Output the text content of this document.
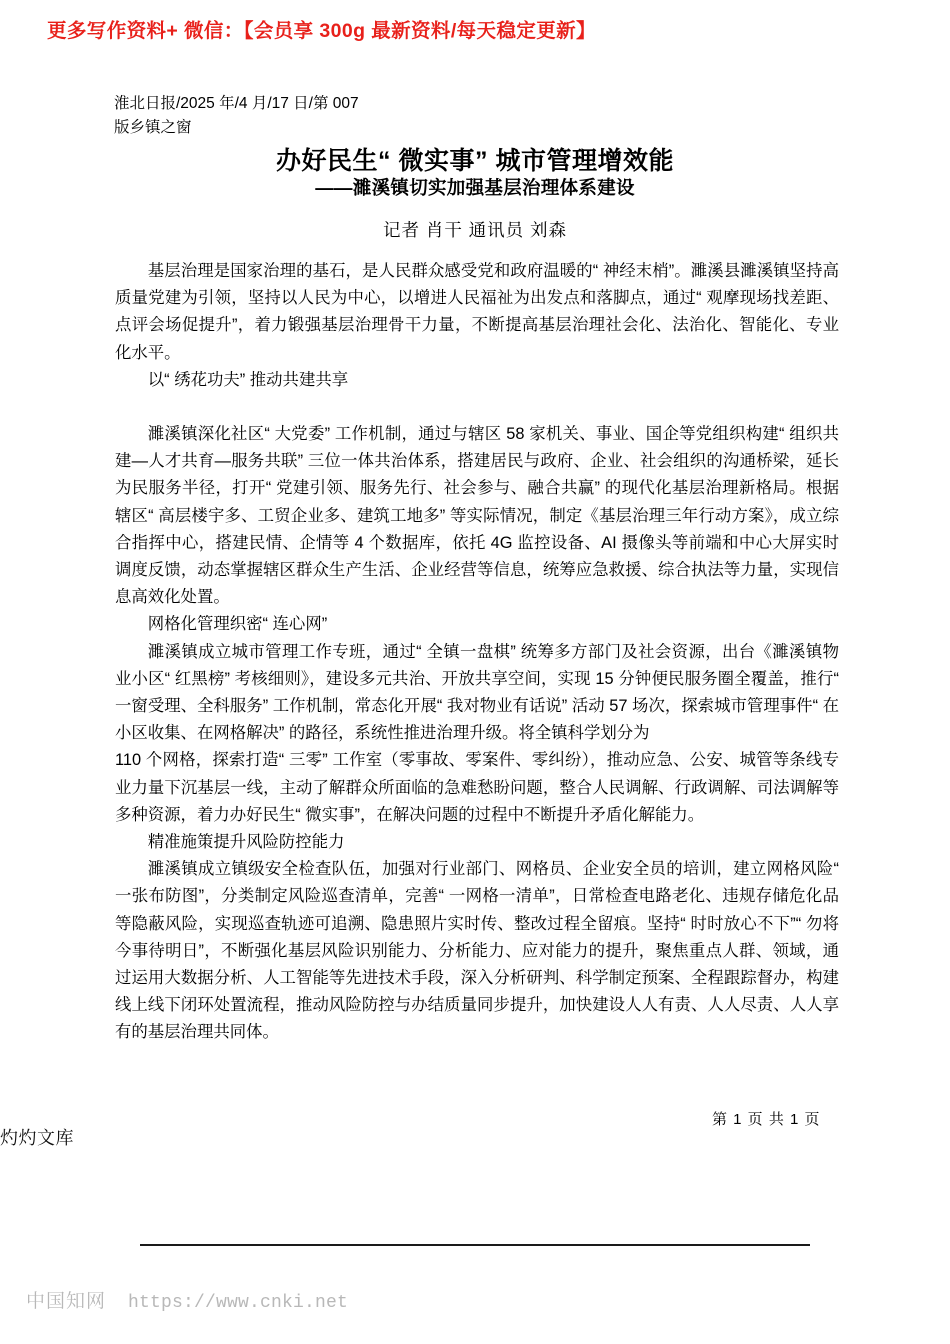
更多写作资料+ 微信：【会员享 300g 最新资料/每天稳定更新】
淮北日报/2025 年/4 月/17 日/第 007
版乡镇之窗
办好民生“ 微实事” 城市管理增效能
——濉溪镇切实加强基层治理体系建设
记者 肖干 通讯员 刘森

基层治理是国家治理的基石，是人民群众感受党和政府温暖的“ 神经末梢”。濉溪县濉溪镇坚持高质量党建为引领，坚持以人民为中心，以增进人民福祉为出发点和落脚点，通过“ 观摩现场找差距、点评会场促提升”，着力锻强基层治理骨干力量，不断提高基层治理社会化、法治化、智能化、专业化水平。

以“ 绣花功夫” 推动共建共享

濉溪镇深化社区“ 大党委” 工作机制，通过与辖区 58 家机关、事业、国企等党组织构建“ 组织共建—人才共育—服务共联” 三位一体共治体系，搭建居民与政府、企业、社会组织的沟通桥梁，延长为民服务半径，打开“ 党建引领、服务先行、社会参与、融合共赢” 的现代化基层治理新格局。根据辖区“ 高层楼宇多、工贸企业多、建筑工地多” 等实际情况，制定《基层治理三年行动方案》，成立综合指挥中心，搭建民情、企情等 4 个数据库，依托 4G 监控设备、AI 摄像头等前端和中心大屏实时调度反馈，动态掌握辖区群众生产生活、企业经营等信息，统筹应急救援、综合执法等力量，实现信息高效化处置。

网格化管理织密“ 连心网”

濉溪镇成立城市管理工作专班，通过“ 全镇一盘棋” 统筹多方部门及社会资源，出台《濉溪镇物业小区“ 红黑榜” 考核细则》，建设多元共治、开放共享空间，实现 15 分钟便民服务圈全覆盖，推行“ 一窗受理、全科服务” 工作机制，常态化开展“ 我对物业有话说” 活动 57 场次，探索城市管理事件“ 在小区收集、在网格解决” 的路径，系统性推进治理升级。将全镇科学划分为

110 个网格，探索打造“ 三零” 工作室（零事故、零案件、零纠纷），推动应急、公安、城管等条线专业力量下沉基层一线，主动了解群众所面临的急难愁盼问题，整合人民调解、行政调解、司法调解等多种资源，着力办好民生“ 微实事”，在解决问题的过程中不断提升矛盾化解能力。

精准施策提升风险防控能力

濉溪镇成立镇级安全检查队伍，加强对行业部门、网格员、企业安全员的培训，建立网格风险“ 一张布防图”，分类制定风险巡查清单，完善“ 一网格一清单”，日常检查电路老化、违规存储危化品等隐蔽风险，实现巡查轨迹可追溯、隐患照片实时传、整改过程全留痕。坚持“ 时时放心不下”“ 勿将今事待明日”，不断强化基层风险识别能力、分析能力、应对能力的提升，聚焦重点人群、领域，通过运用大数据分析、人工智能等先进技术手段，深入分析研判、科学制定预案、全程跟踪督办，构建线上线下闭环处置流程，推动风险防控与办结质量同步提升，加快建设人人有责、人人尽责、人人享有的基层治理共同体。

第 1 页 共 1 页
灼灼文库
中国知网 https://www.cnki.net
